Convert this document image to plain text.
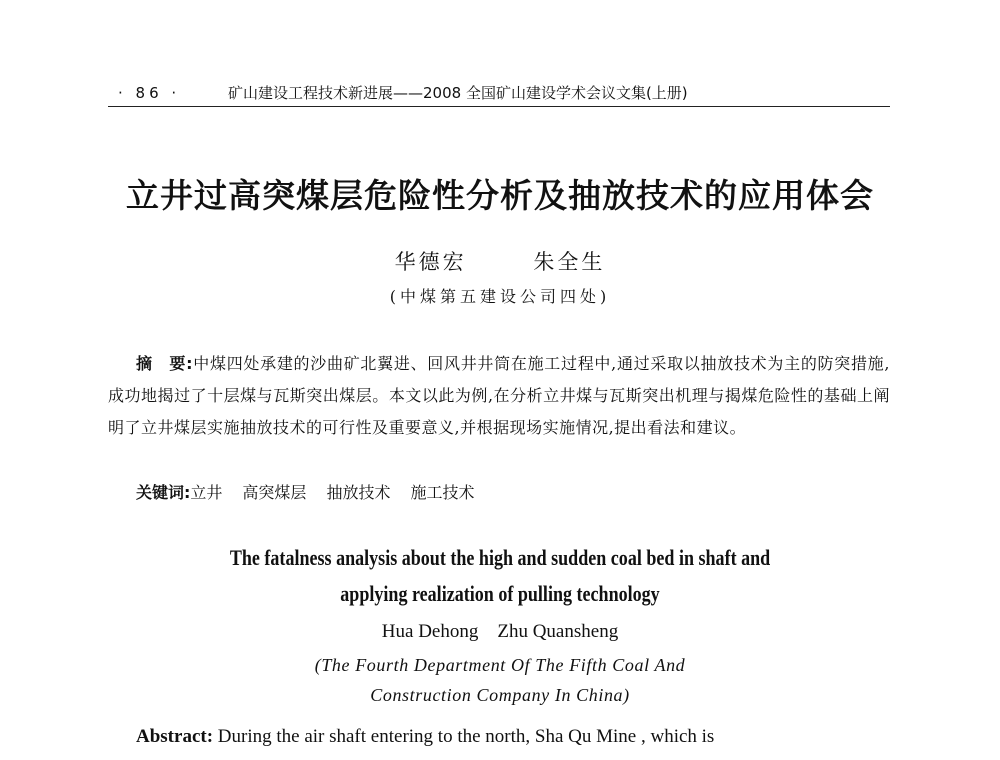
· 86 ·	矿山建设工程技术新进展——2008 全国矿山建设学术会议文集(上册)
立井过高突煤层危险性分析及抽放技术的应用体会
华德宏	朱全生
(中煤第五建设公司四处)

摘　要:中煤四处承建的沙曲矿北翼进、回风井井筒在施工过程中,通过采取以抽放技术为主的防突措施,成功地揭过了十层煤与瓦斯突出煤层。本文以此为例,在分析立井煤与瓦斯突出机理与揭煤危险性的基础上阐明了立井煤层实施抽放技术的可行性及重要意义,并根据现场实施情况,提出看法和建议。

关键词:立井 高突煤层 抽放技术 施工技术
The fatalness analysis about the high and sudden coal bed in shaft and
applying realization of pulling technology
Hua Dehong　Zhu Quansheng
(The Fourth Department Of The Fifth Coal And
Construction Company In China)
Abstract: During the air shaft entering to the north, Sha Qu Mine , which is
